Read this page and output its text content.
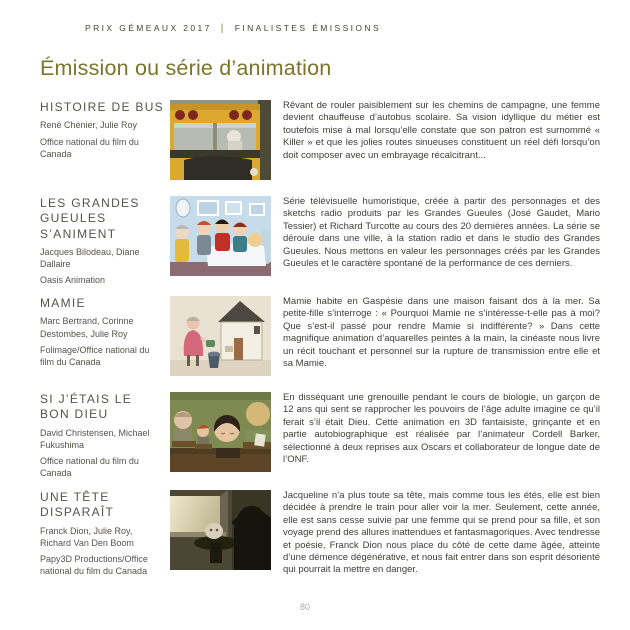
PRIX GÉMEAUX 2017 | FINALISTES ÉMISSIONS
Émission ou série d’animation
HISTOIRE DE BUS
René Chénier, Julie Roy
Office national du film du Canada
Rêvant de rouler paisiblement sur les chemins de campagne, une femme devient chauffeuse d’autobus scolaire. Sa vision idyllique du métier est toutefois mise à mal lorsqu’elle constate que son patron est surnommé « Killer » et que les jolies routes sinueuses constituent un réel défi lorsqu’on doit composer avec un embrayage récalcitrant...
LES GRANDES GUEULES S’ANIMENT
Jacques Bilodeau, Diane Dallaire
Oasis Animation
Série télévisuelle humoristique, créée à partir des personnages et des sketchs radio produits par les Grandes Gueules (José Gaudet, Mario Tessier) et Richard Turcotte au cours des 20 dernières années. La série se déroule dans une ville, à la station radio et dans le studio des Grandes Gueules. Nous mettons en valeur les personnages créés par les Grandes Gueules et le caractère spontané de la performance de ces derniers.
MAMIE
Marc Bertrand, Corinne Destombes, Julie Roy
Folimage/Office national du film du Canada
Mamie habite en Gaspésie dans une maison faisant dos à la mer. Sa petite-fille s’interroge : « Pourquoi Mamie ne s’intéresse-t-elle pas à moi? Que s’est-il passé pour rendre Mamie si indifférente? » Dans cette magnifique animation d’aquarelles peintes à la main, la cinéaste nous livre un récit touchant et personnel sur la rupture de transmission entre elle et sa Mamie.
SI J’ÉTAIS LE BON DIEU
David Christensen, Michael Fukushima
Office national du film du Canada
En disséquant une grenouille pendant le cours de biologie, un garçon de 12 ans qui sent se rapprocher les pouvoirs de l’âge adulte imagine ce qu’il ferait s’il était Dieu. Cette animation en 3D fantaisiste, grinçante et en partie autobiographique est réalisée par l’animateur Cordell Barker, sélectionné à deux reprises aux Oscars et collaborateur de longue date de l’ONF.
UNE TÊTE DISPARAÎT
Franck Dion, Julie Roy, Richard Van Den Boom
Papy3D Productions/Office national du film du Canada
Jacqueline n’a plus toute sa tête, mais comme tous les étés, elle est bien décidée à prendre le train pour aller voir la mer. Seulement, cette année, elle est sans cesse suivie par une femme qui se prend pour sa fille, et son voyage prend des allures inattendues et fantasmagoriques. Avec tendresse et poésie, Franck Dion nous place du côté de cette dame âgée, atteinte d’une démence dégénérative, et nous fait entrer dans son esprit désorienté qui pourrait la mettre en danger.
80
